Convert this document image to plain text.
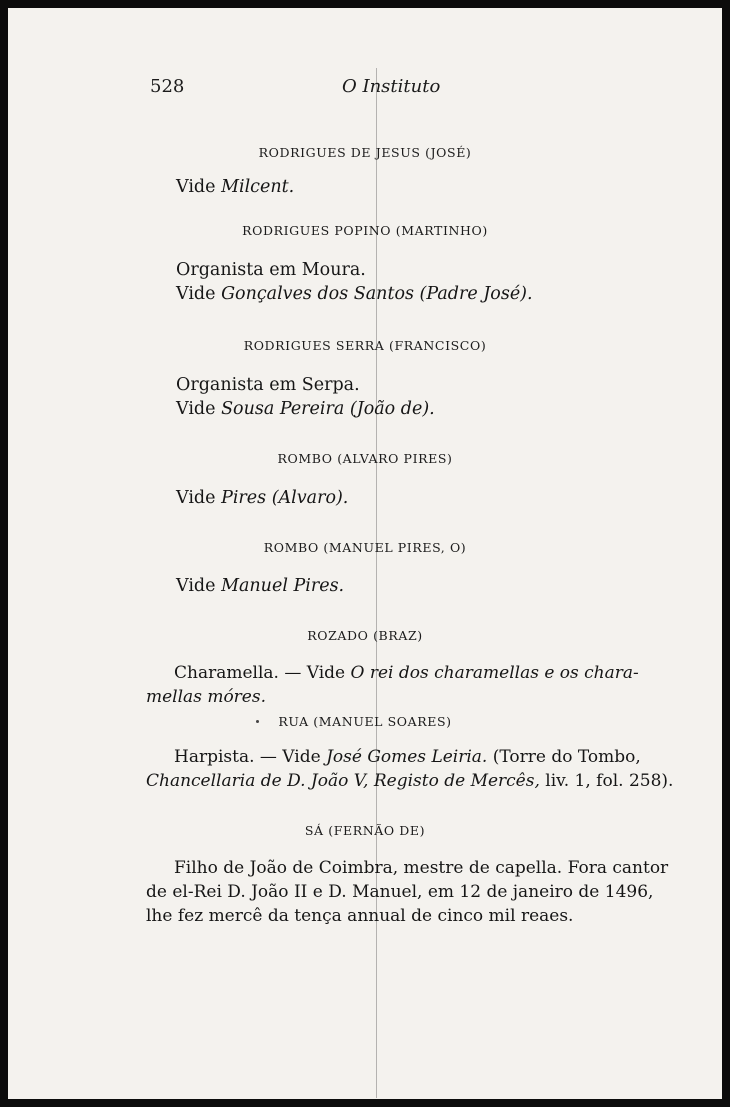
528	O Instituto
RODRIGUES DE JESUS (JOSÉ)
Vide Milcent.
RODRIGUES POPINO (MARTINHO)
Organista em Moura.
Vide Gonçalves dos Santos (Padre José).
RODRIGUES SERRA (FRANCISCO)
Organista em Serpa.
Vide Sousa Pereira (João de).
ROMBO (ALVARO PIRES)
Vide Pires (Alvaro).
ROMBO (MANUEL PIRES, O)
Vide Manuel Pires.
ROZADO (BRAZ)
Charamella. — Vide O rei dos charamellas e os chara-
mellas móres.
RUA (MANUEL SOARES)
Harpista. — Vide José Gomes Leiria. (Torre do Tombo,
Chancellaria de D. João V, Registo de Mercês, liv. 1, fol. 258).
SÁ (FERNÃO DE)
Filho de João de Coimbra, mestre de capella. Fora cantor
de el-Rei D. João II e D. Manuel, em 12 de janeiro de 1496,
lhe fez mercê da tença annual de cinco mil reaes.
